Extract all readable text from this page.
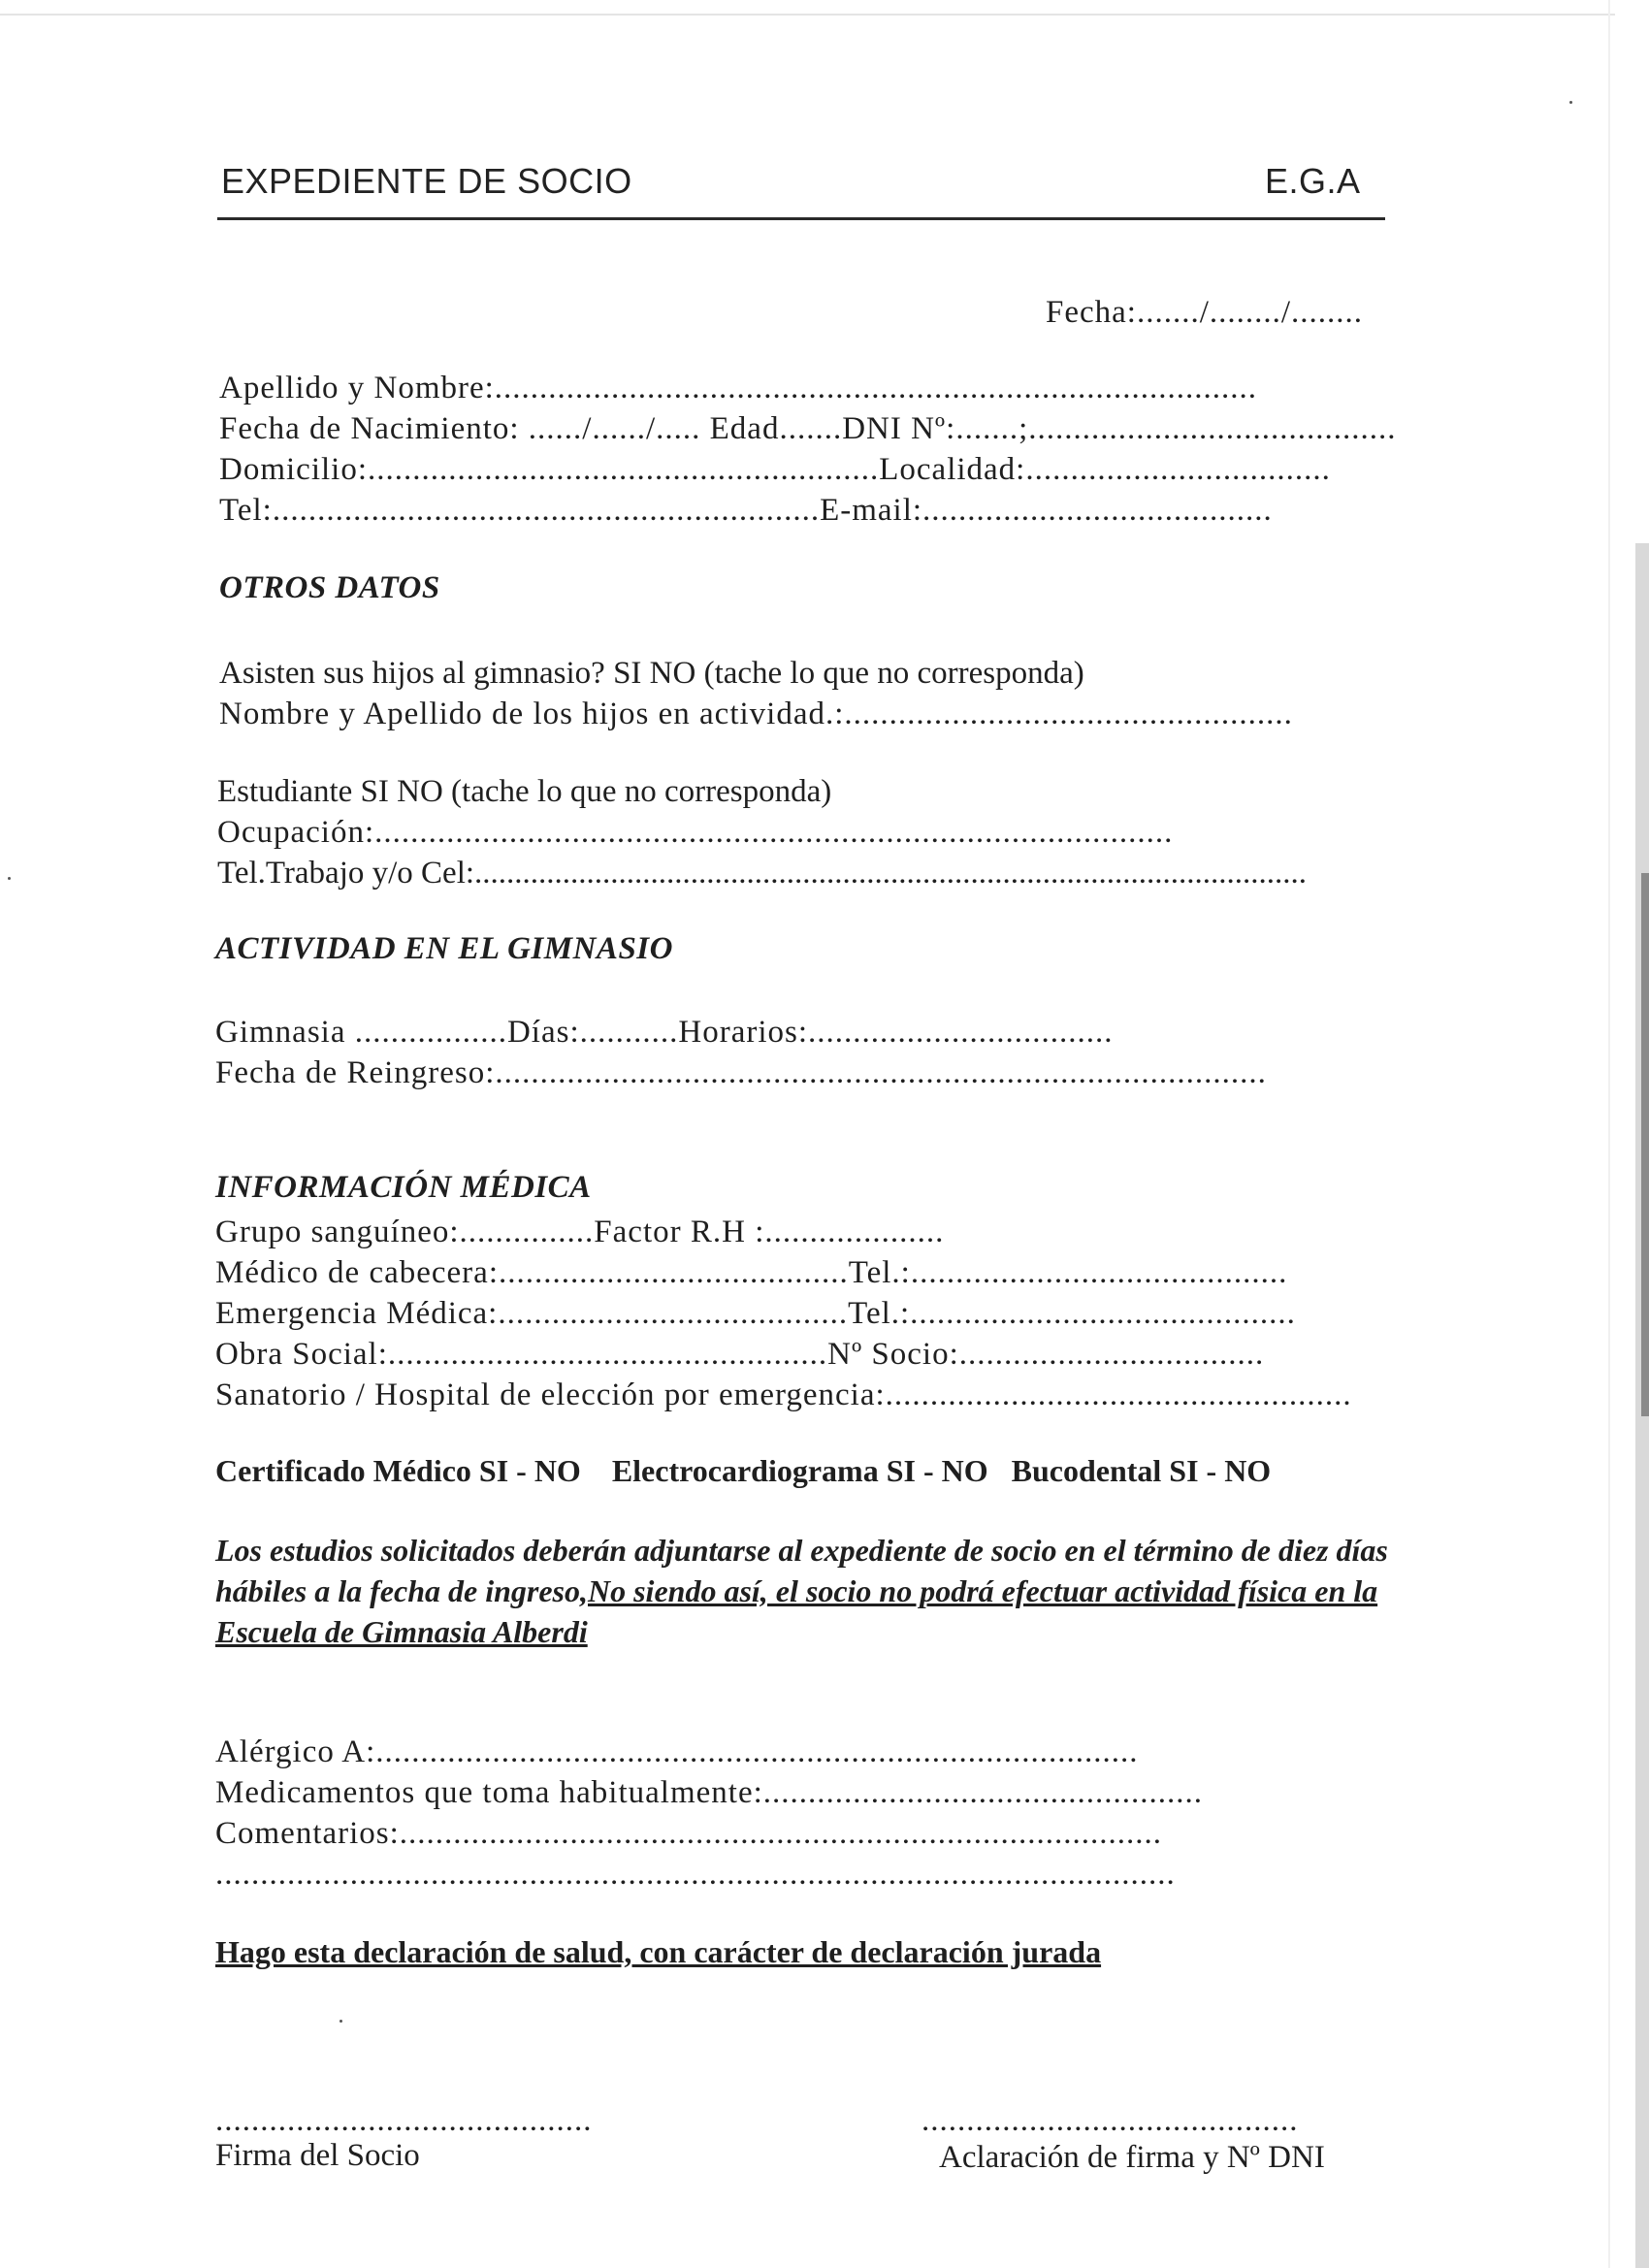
EXPEDIENTE DE SOCIO	E.G.A
Fecha:......./......../........
Apellido y Nombre:.....................................................................................
Fecha de Nacimiento: ....../....../..... Edad.......DNI Nº:.......;.........................................
Domicilio:.........................................................Localidad:..................................
Tel:.............................................................E-mail:.......................................
OTROS DATOS
Asisten sus hijos al gimnasio? SI NO (tache lo que no corresponda)
Nombre y Apellido de los hijos en actividad.:..................................................
Estudiante SI NO (tache lo que no corresponda)
Ocupación:.........................................................................................
Tel.Trabajo y/o Cel:........................................................................................................
ACTIVIDAD EN EL GIMNASIO
Gimnasia .................Días:...........Horarios:..................................
Fecha de Reingreso:......................................................................................
INFORMACIÓN MÉDICA
Grupo sanguíneo:...............Factor R.H :....................
Médico de cabecera:.......................................Tel.:..........................................
Emergencia Médica:.......................................Tel.:...........................................
Obra Social:.................................................Nº Socio:..................................
Sanatorio / Hospital de elección por emergencia:....................................................
Certificado Médico SI - NO    Electrocardiograma SI - NO   Bucodental SI - NO
Los estudios solicitados deberán adjuntarse al expediente de socio en el término de diez días
hábiles a la fecha de ingreso,No siendo así, el socio no podrá efectuar actividad física en la
Escuela de Gimnasia Alberdi
Alérgico A:.....................................................................................
Medicamentos que toma habitualmente:.................................................
Comentarios:.....................................................................................
...........................................................................................................
Hago esta declaración de salud, con carácter de declaración jurada
..........................................
Firma del Socio
..........................................
Aclaración de firma y Nº DNI
